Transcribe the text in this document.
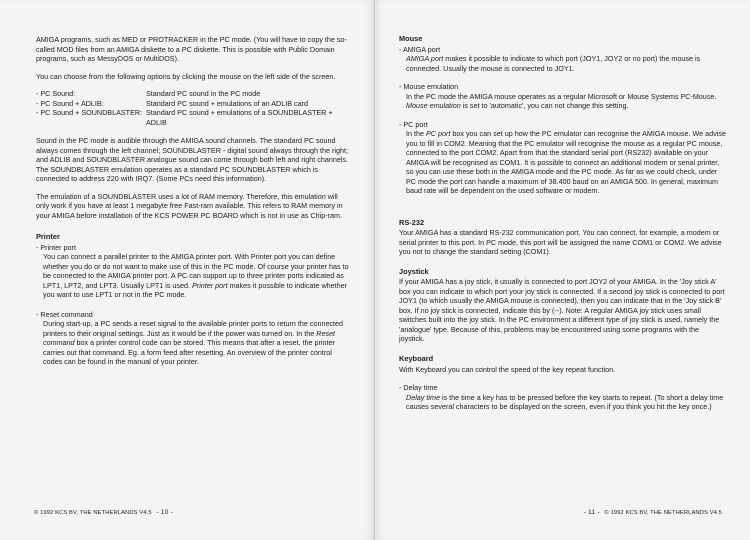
AMIGA programs, such as MED or PROTRACKER in the PC mode. (You will have to copy the so-called MOD files from an AMIGA diskette to a PC diskette. This is possible with Public Domain programs, such as MessyDOS or MultiDOS).

You can choose from the following options by clicking the mouse on the left side of the screen.

- PC Sound:	Standard PC sound in the PC mode
- PC Sound + ADLIB:	Standard PC sound + emulations of an ADLIB card
- PC Sound + SOUNDBLASTER: Standard PC sound + emulations of a SOUNDBLASTER + ADLIB

Sound in the PC mode is audible through the AMIGA sound channels. The standard PC sound always comes through the left channel; SOUNDBLASTER - digital sound always through the right; and ADLIB and SOUNDBLASTER analogue sound can come through both left and right channels. The SOUNDBLASTER emulation operates as a standard PC SOUNDBLASTER which is connected to address 220 with IRQ7. (Some PCs need this information).

The emulation of a SOUNDBLASTER uses a lot of RAM memory. Therefore, this emulation will only work if you have at least 1 megabyte free Fast-ram available. This refers to RAM memory in your AMIGA before installation of the KCS POWER PC BOARD which is not in use as Chip-ram.

Printer
- Printer port
You can connect a parallel printer to the AMIGA printer port. With Printer port you can define whether you do or do not want to make use of this in the PC mode. Of course your printer has to be connected to the AMIGA printer port. A PC can support up to three printer ports indicated as LPT1, LPT2, and LPT3. Usually LPT1 is used. Printer port makes it possible to indicate whether you want to use LPT1 or not in the PC mode.
- Reset command
During start-up, a PC sends a reset signal to the available printer ports to return the connected printers to their original settings. Just as it would be if the power was turned on. In the Reset command box a printer control code can be stored. This means that after a reset, the printer carries out that command. Eg. a form feed after resetting. An overview of the printer control codes can be found in the manual of your printer.
© 1992 KCS BV, THE NETHERLANDS V4.5 - 10 -
Mouse
- AMIGA port
AMIGA port makes it possible to indicate to which port (JOY1, JOY2 or no port) the mouse is connected. Usually the mouse is connected to JOY1.
- Mouse emulation
In the PC mode the AMIGA mouse operates as a regular Microsoft or Mouse Systems PC-Mouse. Mouse emulation is set to 'automatic', you can not change this setting.
- PC port
In the PC port box you can set up how the PC emulator can recognise the AMIGA mouse. We advise you to fill in COM2. Meaning that the PC emulator will recognise the mouse as a regular PC mouse, connected to the port COM2. Apart from that the standard serial port (RS232) available on your AMIGA will be recognised as COM1. It is possible to connect an additional modem or serial printer, so you can use these both in the AMIGA mode and the PC mode. As far as we could check, under PC mode the port can handle a maximum of 38.400 baud on an AMIGA 500. In general, maximum baud rate will be dependent on the used software or modem.
RS-232

Your AMIGA has a standard RS-232 communication port. You can connect, for example, a modem or serial printer to this port. In PC mode, this port will be assigned the name COM1 or COM2. We advise you not to change the standard setting (COM1).

Joystick

If your AMIGA has a joy stick, it usually is connected to port JOY2 of your AMIGA. In the 'Joy stick A' box you can indicate to which port your joy stick is connected. If a second joy stick is connected to port JOY1 (to which usually the AMIGA mouse is connected), then you can indicate that in the 'Joy stick B' box. If no joy stick is connected, indicate this by (--). Note: A regular AMIGA joy stick uses small switches built into the joy stick. In the PC environment a different type of joy stick is used, namely the 'analogue' type. Because of this, problems may be encountered using some programs with the joystick.

Keyboard

With Keyboard you can control the speed of the key repeat function.

- Delay time
Delay time is the time a key has to be pressed before the key starts to repeat. (To short a delay time causes several characters to be displayed on the screen, even if you think you hit the key once.)
- 11 - © 1992 KCS BV, THE NETHERLANDS V4.5
